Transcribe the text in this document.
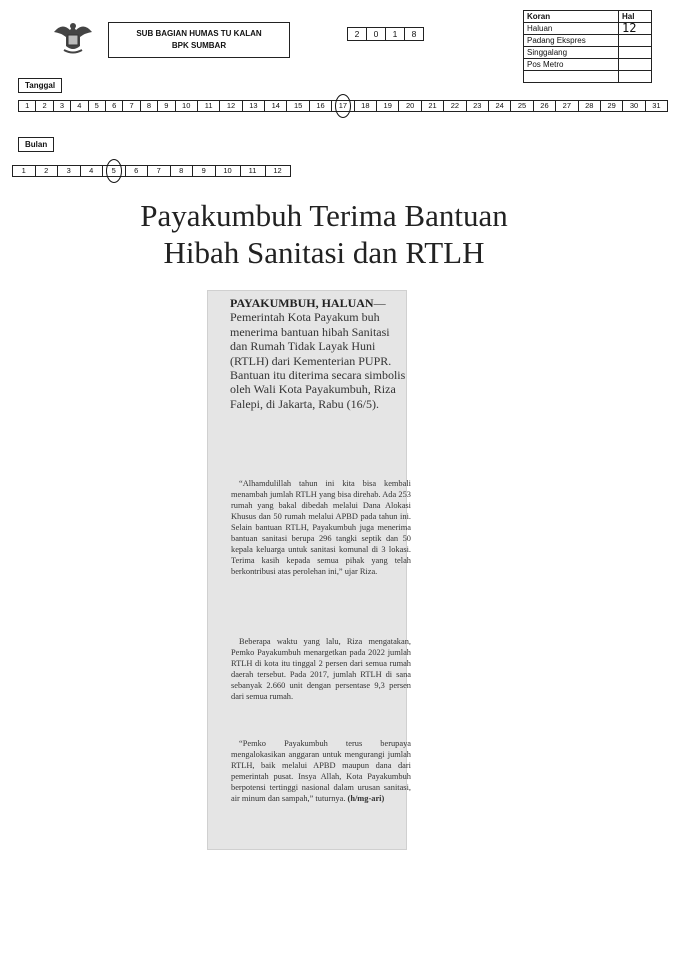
SUB BAGIAN HUMAS TU KALAN
BPK SUMBAR
2	0	1	8
Koran	Hal
Haluan	12
Padang Ekspres	
Singgalang	
Pos Metro	

Tanggal
1	2	3	4	5	6	7	8	9	10	11	12	13	14	15	16	17	18	19	20	21	22	23	24	25	26	27	28	29	30	31
Bulan
1	2	3	4	5	6	7	8	9	10	11	12
Payakumbuh Terima Bantuan
Hibah Sanitasi dan RTLH

PAYAKUMBUH, HALUAN—Pemerintah Kota Payakum buh menerima bantuan hibah Sanitasi dan Rumah Tidak Layak Huni (RTLH) dari Kementerian PUPR. Bantuan itu diterima secara simbolis oleh Wali Kota Payakumbuh, Riza Falepi, di Jakarta, Rabu (16/5).

“Alhamdulillah tahun ini kita bisa kembali menambah jumlah RTLH yang bisa direhab. Ada 253 rumah yang bakal dibedah melalui Dana Alokasi Khusus dan 50 rumah melalui APBD pada tahun ini. Selain bantuan RTLH, Payakumbuh juga menerima bantuan sanitasi berupa 296 tangki septik dan 50 kepala keluarga untuk sanitasi komunal di 3 lokasi. Terima kasih kepada semua pihak yang telah berkontribusi atas perolehan ini,” ujar Riza.

Beberapa waktu yang lalu, Riza mengatakan, Pemko Payakumbuh menargetkan pada 2022 jumlah RTLH di kota itu tinggal 2 persen dari semua rumah daerah tersebut. Pada 2017, jumlah RTLH di sana sebanyak 2.660 unit dengan persentase 9,3 persen dari semua rumah.

“Pemko Payakumbuh terus berupaya mengalokasikan anggaran untuk mengurangi jumlah RTLH, baik melalui APBD maupun dana dari pemerintah pusat. Insya Allah, Kota Payakumbuh berpotensi tertinggi nasional dalam urusan sanitasi, air minum dan sampah,” tuturnya. (h/mg-ari)
